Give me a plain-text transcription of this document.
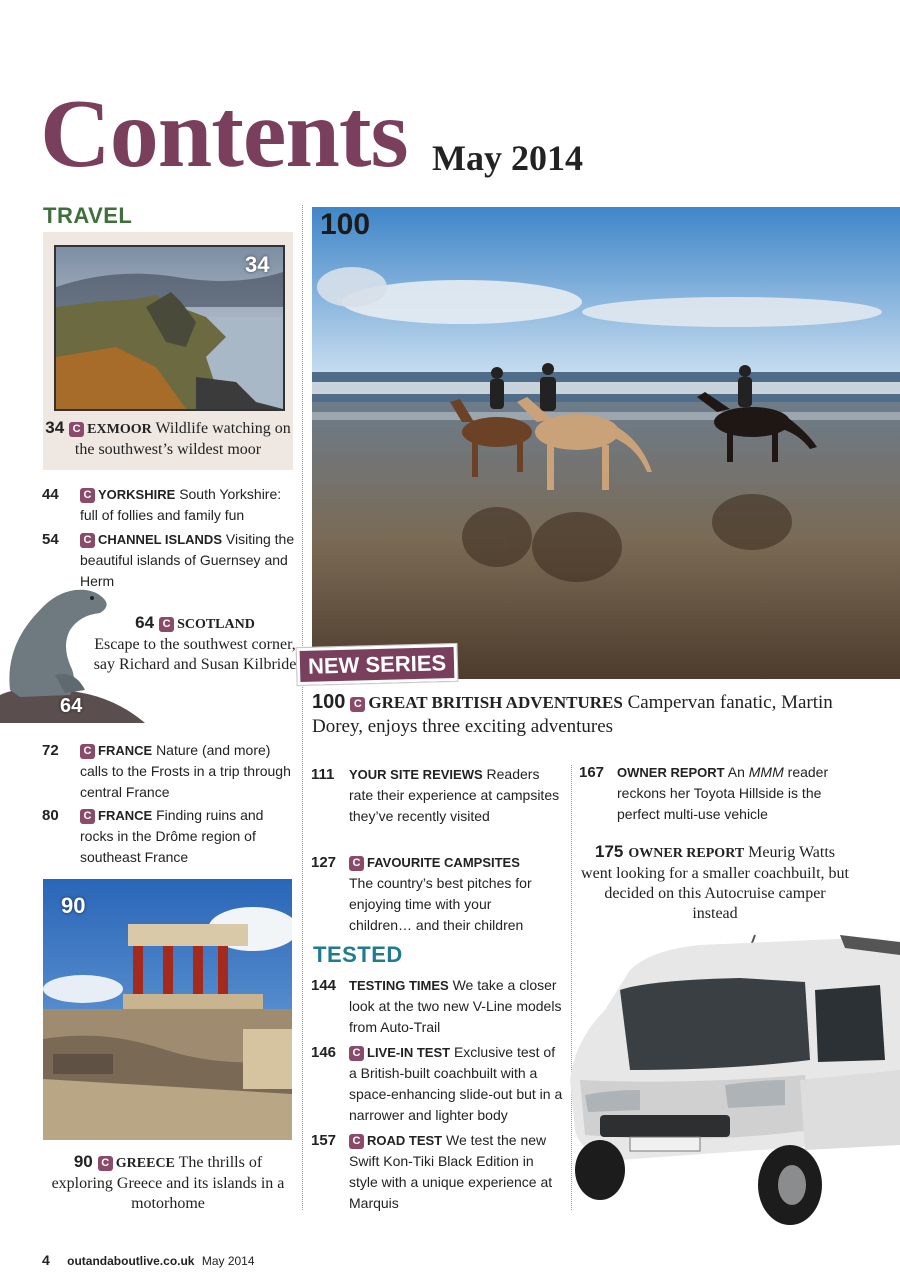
Contents May 2014
TRAVEL
34
34 C EXMOOR Wildlife watching on the southwest’s wildest moor
44 C YORKSHIRE South Yorkshire: full of follies and family fun
54 C CHANNEL ISLANDS Visiting the beautiful islands of Guernsey and Herm
64
64 C SCOTLAND
Escape to the southwest corner, say Richard and Susan Kilbride
72 C FRANCE Nature (and more) calls to the Frosts in a trip through central France
80 C FRANCE Finding ruins and rocks in the Drôme region of southeast France
90
90 C GREECE The thrills of exploring Greece and its islands in a motorhome
100
NEW SERIES
100 C GREAT BRITISH ADVENTURES Campervan fanatic, Martin Dorey, enjoys three exciting adventures
111 YOUR SITE REVIEWS Readers rate their experience at campsites they’ve recently visited
127 C FAVOURITE CAMPSITES The country’s best pitches for enjoying time with your children… and their children
TESTED
144 TESTING TIMES We take a closer look at the two new V-Line models from Auto-Trail
146 C LIVE-IN TEST Exclusive test of a British-built coachbuilt with a space-enhancing slide-out but in a narrower and lighter body
157 C ROAD TEST We test the new Swift Kon-Tiki Black Edition in style with a unique experience at Marquis
167 OWNER REPORT An MMM reader reckons her Toyota Hillside is the perfect multi-use vehicle
175 OWNER REPORT Meurig Watts went looking for a smaller coachbuilt, but decided on this Autocruise camper instead
4 outandaboutlive.co.uk May 2014
